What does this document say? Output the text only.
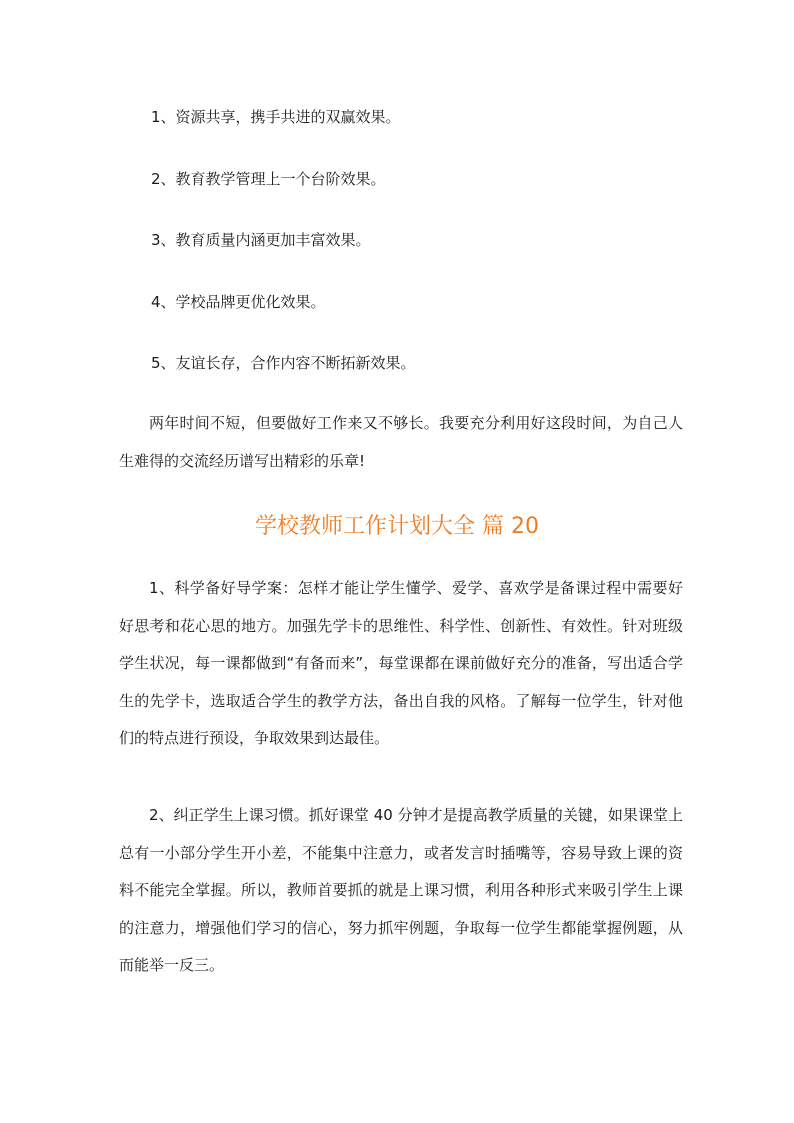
1、资源共享，携手共进的双赢效果。
2、教育教学管理上一个台阶效果。
3、教育质量内涵更加丰富效果。
4、学校品牌更优化效果。
5、友谊长存，合作内容不断拓新效果。
两年时间不短，但要做好工作来又不够长。我要充分利用好这段时间，为自己人生难得的交流经历谱写出精彩的乐章!
学校教师工作计划大全 篇 20
1、科学备好导学案：怎样才能让学生懂学、爱学、喜欢学是备课过程中需要好好思考和花心思的地方。加强先学卡的思维性、科学性、创新性、有效性。针对班级学生状况，每一课都做到“有备而来”，每堂课都在课前做好充分的准备，写出适合学生的先学卡，选取适合学生的教学方法，备出自我的风格。了解每一位学生，针对他们的特点进行预设，争取效果到达最佳。
2、纠正学生上课习惯。抓好课堂 40 分钟才是提高教学质量的关键，如果课堂上总有一小部分学生开小差，不能集中注意力，或者发言时插嘴等，容易导致上课的资料不能完全掌握。所以，教师首要抓的就是上课习惯，利用各种形式来吸引学生上课的注意力，增强他们学习的信心，努力抓牢例题，争取每一位学生都能掌握例题，从而能举一反三。
